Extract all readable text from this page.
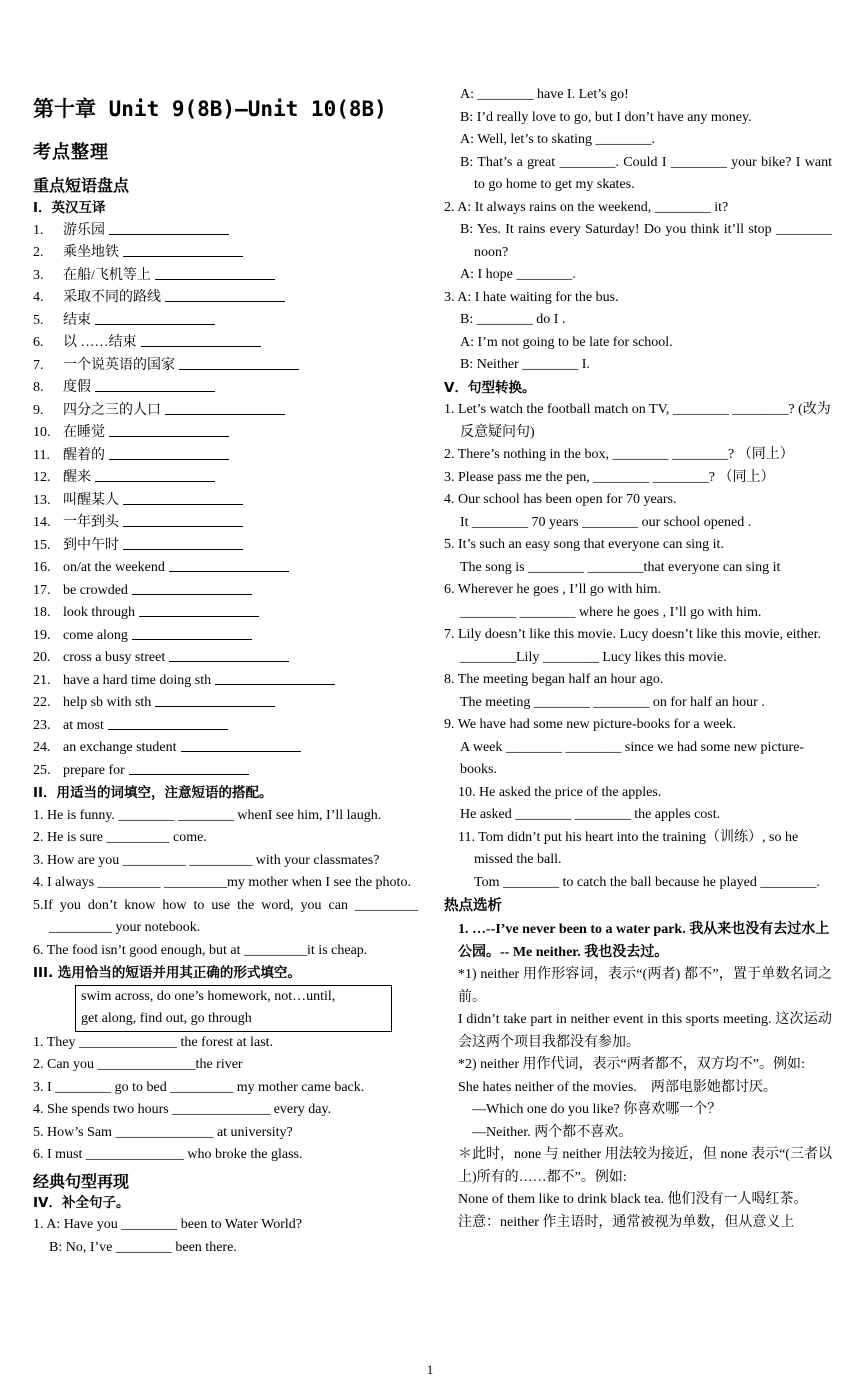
第十章 Unit 9(8B)—Unit 10(8B)
考点整理
重点短语盘点
I．英汉互译
1.	游乐园
2.	乘坐地铁
3.	在船/飞机等上
4.	采取不同的路线
5.	结束
6.	以 ……结束
7.	一个说英语的国家
8.	度假
9.	四分之三的人口
10. 在睡觉
11. 醒着的
12. 醒来
13. 叫醒某人
14. 一年到头
15. 到中午时
16. on/at the weekend
17. be crowded
18. look through
19. come along
20. cross a busy street
21. have a hard time doing sth
22. help sb with sth
23. at most
24. an exchange student
25. prepare for
II．用适当的词填空，注意短语的搭配。
1. He is funny. ________ ________ whenI see him, I’ll laugh.
2. He is sure _________ come.
3. How are you _________ _________ with your classmates?
4. I always _________ _________my mother when I see the photo.
5.If you don’t know how to use the word, you can _________ _________ your notebook.
6. The food isn’t good enough, but at _________it is cheap.
III. 选用恰当的短语并用其正确的形式填空。
swim across, do one’s homework, not…until,
get along, find out, go through
1. They ______________ the forest at last.
2. Can you ______________the river
3. I ________ go to bed _________ my mother came back.
4. She spends two hours ______________ every day.
5. How’s Sam ______________ at university?
6. I must ______________ who broke the glass.
经典句型再现
IV．补全句子。
1. A: Have you ________ been to Water World?
B: No, I’ve ________ been there.
A: ________ have I. Let’s go!
B: I’d really love to go, but I don’t have any money.
A: Well, let’s to skating ________.
B: That’s a great ________. Could I ________ your bike? I want to go home to get my skates.
2. A: It always rains on the weekend, ________ it?
B: Yes. It rains every Saturday! Do you think it’ll stop ________ noon?
A: I hope ________.
3. A: I hate waiting for the bus.
B: ________ do I .
A: I’m not going to be late for school.
B: Neither ________ I.
V．句型转换。
1. Let’s watch the football match on TV, ________ ________? (改为反意疑问句)
2. There’s nothing in the box, ________ ________? （同上）
3. Please pass me the pen, ________ ________? （同上）
4. Our school has been open for 70 years.
It ________ 70 years ________ our school opened .
5. It’s such an easy song that everyone can sing it.
The song is ________ ________that everyone can sing it
6. Wherever he goes , I’ll go with him.
________ ________ where he goes , I’ll go with him.
7. Lily doesn’t like this movie. Lucy doesn’t like this movie, either.
________Lily ________ Lucy likes this movie.
8. The meeting began half an hour ago.
The meeting ________ ________ on for half an hour .
9. We have had some new picture-books for a week.
A week ________ ________ since we had some new picture-books.
10. He asked the price of the apples.
He asked ________ ________ the apples cost.
11. Tom didn’t put his heart into the training（训练）, so he missed the ball.
Tom ________ to catch the ball because he played ________.
热点选析
1. …--I’ve never been to a water park. 我从来也没有去过水上公园。-- Me neither. 我也没去过。
*1) neither 用作形容词，表示“(两者) 都不”，置于单数名词之前。
I didn’t take part in neither event in this sports meeting. 这次运动会这两个项目我都没有参加。
*2) neither 用作代词，表示“两者都不，双方均不”。例如:
She hates neither of the movies.　两部电影她都讨厌。
—Which one do you like? 你喜欢哪一个？
—Neither. 两个都不喜欢。
＊此时，none 与 neither 用法较为接近，但 none 表示“(三者以上)所有的……都不”。例如:
None of them like to drink black tea. 他们没有一人喝红茶。
注意：neither 作主语时，通常被视为单数，但从意义上
1
